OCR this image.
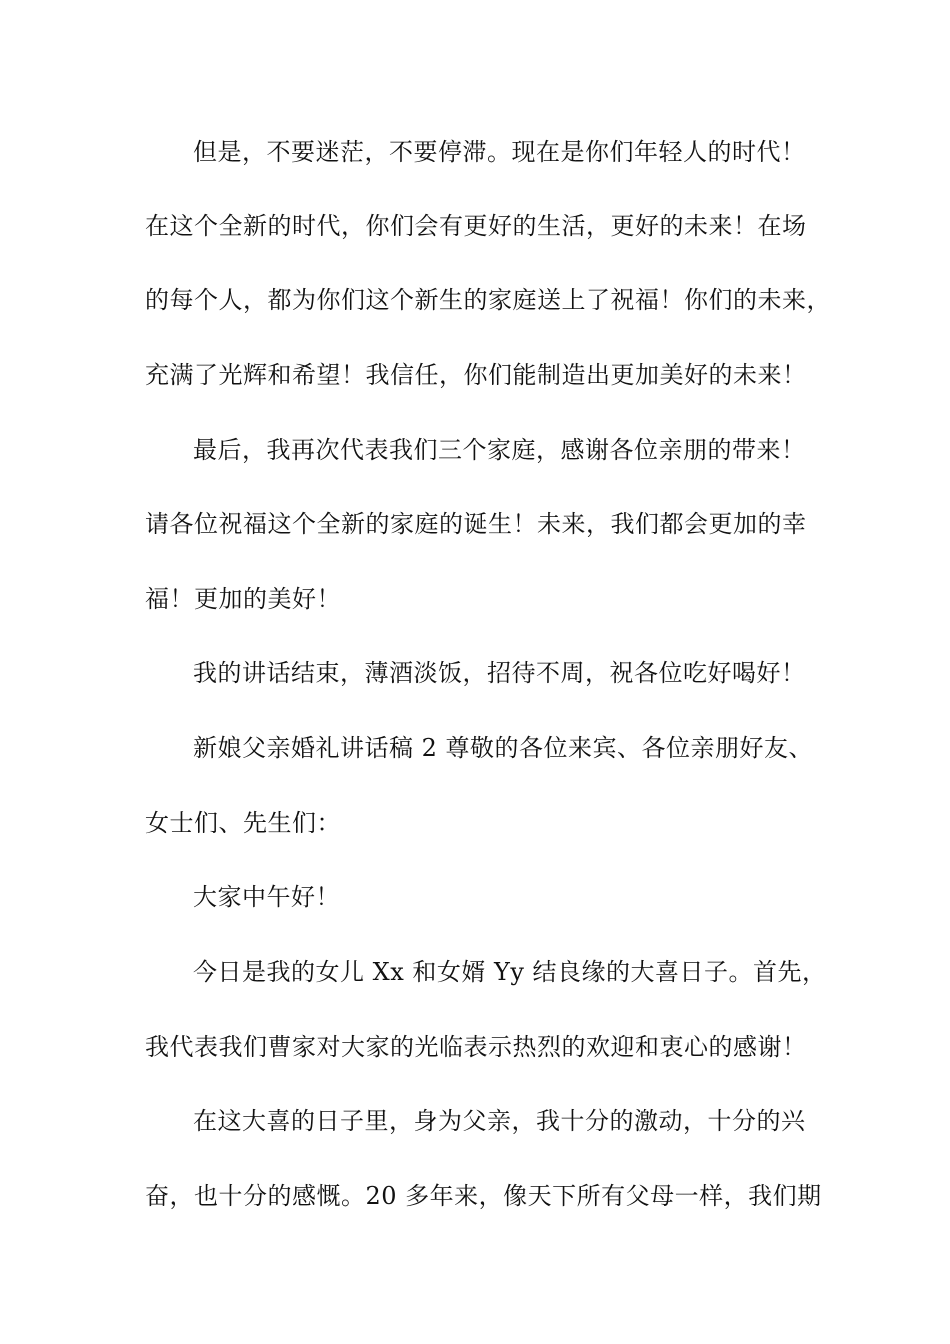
但是，不要迷茫，不要停滞。现在是你们年轻人的时代！
在这个全新的时代，你们会有更好的生活，更好的未来！在场
的每个人，都为你们这个新生的家庭送上了祝福！你们的未来，
充满了光辉和希望！我信任，你们能制造出更加美好的未来！
最后，我再次代表我们三个家庭，感谢各位亲朋的带来！
请各位祝福这个全新的家庭的诞生！未来，我们都会更加的幸
福！更加的美好！
我的讲话结束，薄酒淡饭，招待不周，祝各位吃好喝好！
新娘父亲婚礼讲话稿 2 尊敬的各位来宾、各位亲朋好友、
女士们、先生们：
大家中午好！
今日是我的女儿 Xx 和女婿 Yy 结良缘的大喜日子。首先，
我代表我们曹家对大家的光临表示热烈的欢迎和衷心的感谢！
在这大喜的日子里，身为父亲，我十分的激动，十分的兴
奋，也十分的感慨。20 多年来，像天下所有父母一样，我们期
